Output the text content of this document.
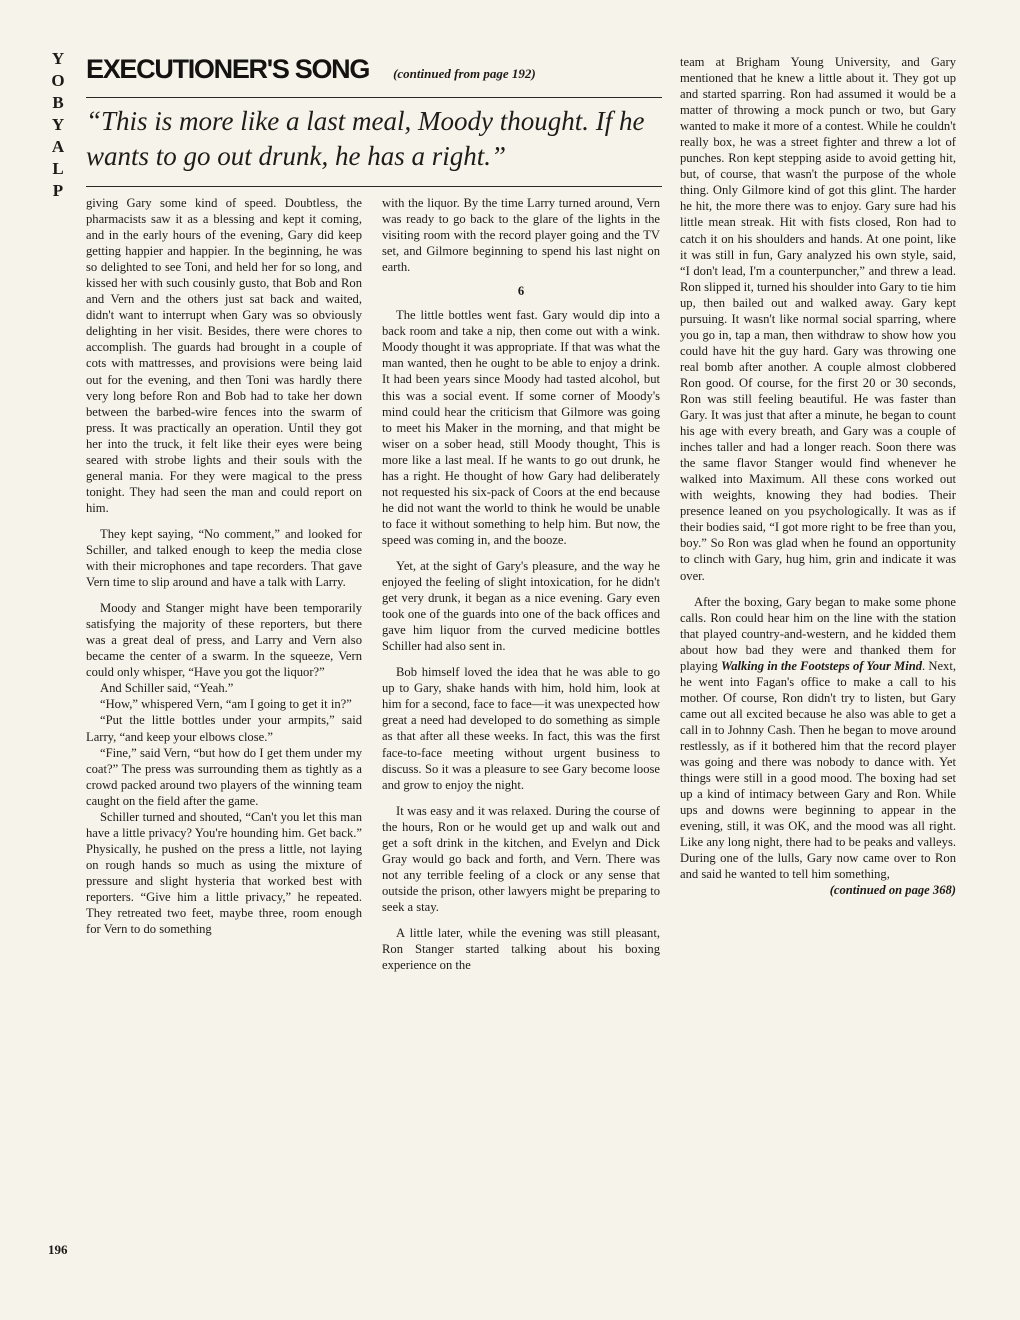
Y
O
B
Y
A
L
P
EXECUTIONER'S SONG (continued from page 192)
“This is more like a last meal, Moody thought. If he wants to go out drunk, he has a right.”

giving Gary some kind of speed. Doubtless, the pharmacists saw it as a blessing and kept it coming, and in the early hours of the evening, Gary did keep getting happier and happier. In the beginning, he was so delighted to see Toni, and held her for so long, and kissed her with such cousinly gusto, that Bob and Ron and Vern and the others just sat back and waited, didn't want to interrupt when Gary was so obviously delighting in her visit. Besides, there were chores to accomplish. The guards had brought in a couple of cots with mattresses, and provisions were being laid out for the evening, and then Toni was hardly there very long before Ron and Bob had to take her down between the barbed-wire fences into the swarm of press. It was practically an operation. Until they got her into the truck, it felt like their eyes were being seared with strobe lights and their souls with the general mania. For they were magical to the press tonight. They had seen the man and could report on him.

They kept saying, “No comment,” and looked for Schiller, and talked enough to keep the media close with their microphones and tape recorders. That gave Vern time to slip around and have a talk with Larry.

Moody and Stanger might have been temporarily satisfying the majority of these reporters, but there was a great deal of press, and Larry and Vern also became the center of a swarm. In the squeeze, Vern could only whisper, “Have you got the liquor?”

And Schiller said, “Yeah.”

“How,” whispered Vern, “am I going to get it in?”

“Put the little bottles under your armpits,” said Larry, “and keep your elbows close.”

“Fine,” said Vern, “but how do I get them under my coat?” The press was surrounding them as tightly as a crowd packed around two players of the winning team caught on the field after the game.

Schiller turned and shouted, “Can't you let this man have a little privacy? You're hounding him. Get back.” Physically, he pushed on the press a little, not laying on rough hands so much as using the mixture of pressure and slight hysteria that worked best with reporters. “Give him a little privacy,” he repeated. They retreated two feet, maybe three, room enough for Vern to do something

with the liquor. By the time Larry turned around, Vern was ready to go back to the glare of the lights in the visiting room with the record player going and the TV set, and Gilmore beginning to spend his last night on earth.

6

The little bottles went fast. Gary would dip into a back room and take a nip, then come out with a wink. Moody thought it was appropriate. If that was what the man wanted, then he ought to be able to enjoy a drink. It had been years since Moody had tasted alcohol, but this was a social event. If some corner of Moody's mind could hear the criticism that Gilmore was going to meet his Maker in the morning, and that might be wiser on a sober head, still Moody thought, This is more like a last meal. If he wants to go out drunk, he has a right. He thought of how Gary had deliberately not requested his six-pack of Coors at the end because he did not want the world to think he would be unable to face it without something to help him. But now, the speed was coming in, and the booze.

Yet, at the sight of Gary's pleasure, and the way he enjoyed the feeling of slight intoxication, for he didn't get very drunk, it began as a nice evening. Gary even took one of the guards into one of the back offices and gave him liquor from the curved medicine bottles Schiller had also sent in.

Bob himself loved the idea that he was able to go up to Gary, shake hands with him, hold him, look at him for a second, face to face—it was unexpected how great a need had developed to do something as simple as that after all these weeks. In fact, this was the first face-to-face meeting without urgent business to discuss. So it was a pleasure to see Gary become loose and grow to enjoy the night.

It was easy and it was relaxed. During the course of the hours, Ron or he would get up and walk out and get a soft drink in the kitchen, and Evelyn and Dick Gray would go back and forth, and Vern. There was not any terrible feeling of a clock or any sense that outside the prison, other lawyers might be preparing to seek a stay.

A little later, while the evening was still pleasant, Ron Stanger started talking about his boxing experience on the

team at Brigham Young University, and Gary mentioned that he knew a little about it. They got up and started sparring. Ron had assumed it would be a matter of throwing a mock punch or two, but Gary wanted to make it more of a contest. While he couldn't really box, he was a street fighter and threw a lot of punches. Ron kept stepping aside to avoid getting hit, but, of course, that wasn't the purpose of the whole thing. Only Gilmore kind of got this glint. The harder he hit, the more there was to enjoy. Gary sure had his little mean streak. Hit with fists closed, Ron had to catch it on his shoulders and hands. At one point, like it was still in fun, Gary analyzed his own style, said, “I don't lead, I'm a counterpuncher,” and threw a lead. Ron slipped it, turned his shoulder into Gary to tie him up, then bailed out and walked away. Gary kept pursuing. It wasn't like normal social sparring, where you go in, tap a man, then withdraw to show how you could have hit the guy hard. Gary was throwing one real bomb after another. A couple almost clobbered Ron good. Of course, for the first 20 or 30 seconds, Ron was still feeling beautiful. He was faster than Gary. It was just that after a minute, he began to count his age with every breath, and Gary was a couple of inches taller and had a longer reach. Soon there was the same flavor Stanger would find whenever he walked into Maximum. All these cons worked out with weights, knowing they had bodies. Their presence leaned on you psychologically. It was as if their bodies said, “I got more right to be free than you, boy.” So Ron was glad when he found an opportunity to clinch with Gary, hug him, grin and indicate it was over.

After the boxing, Gary began to make some phone calls. Ron could hear him on the line with the station that played country-and-western, and he kidded them about how bad they were and thanked them for playing Walking in the Footsteps of Your Mind. Next, he went into Fagan's office to make a call to his mother. Of course, Ron didn't try to listen, but Gary came out all excited because he also was able to get a call in to Johnny Cash. Then he began to move around restlessly, as if it bothered him that the record player was going and there was nobody to dance with. Yet things were still in a good mood. The boxing had set up a kind of intimacy between Gary and Ron. While ups and downs were beginning to appear in the evening, still, it was OK, and the mood was all right. Like any long night, there had to be peaks and valleys. During one of the lulls, Gary now came over to Ron and said he wanted to tell him something,

(continued on page 368)

196
